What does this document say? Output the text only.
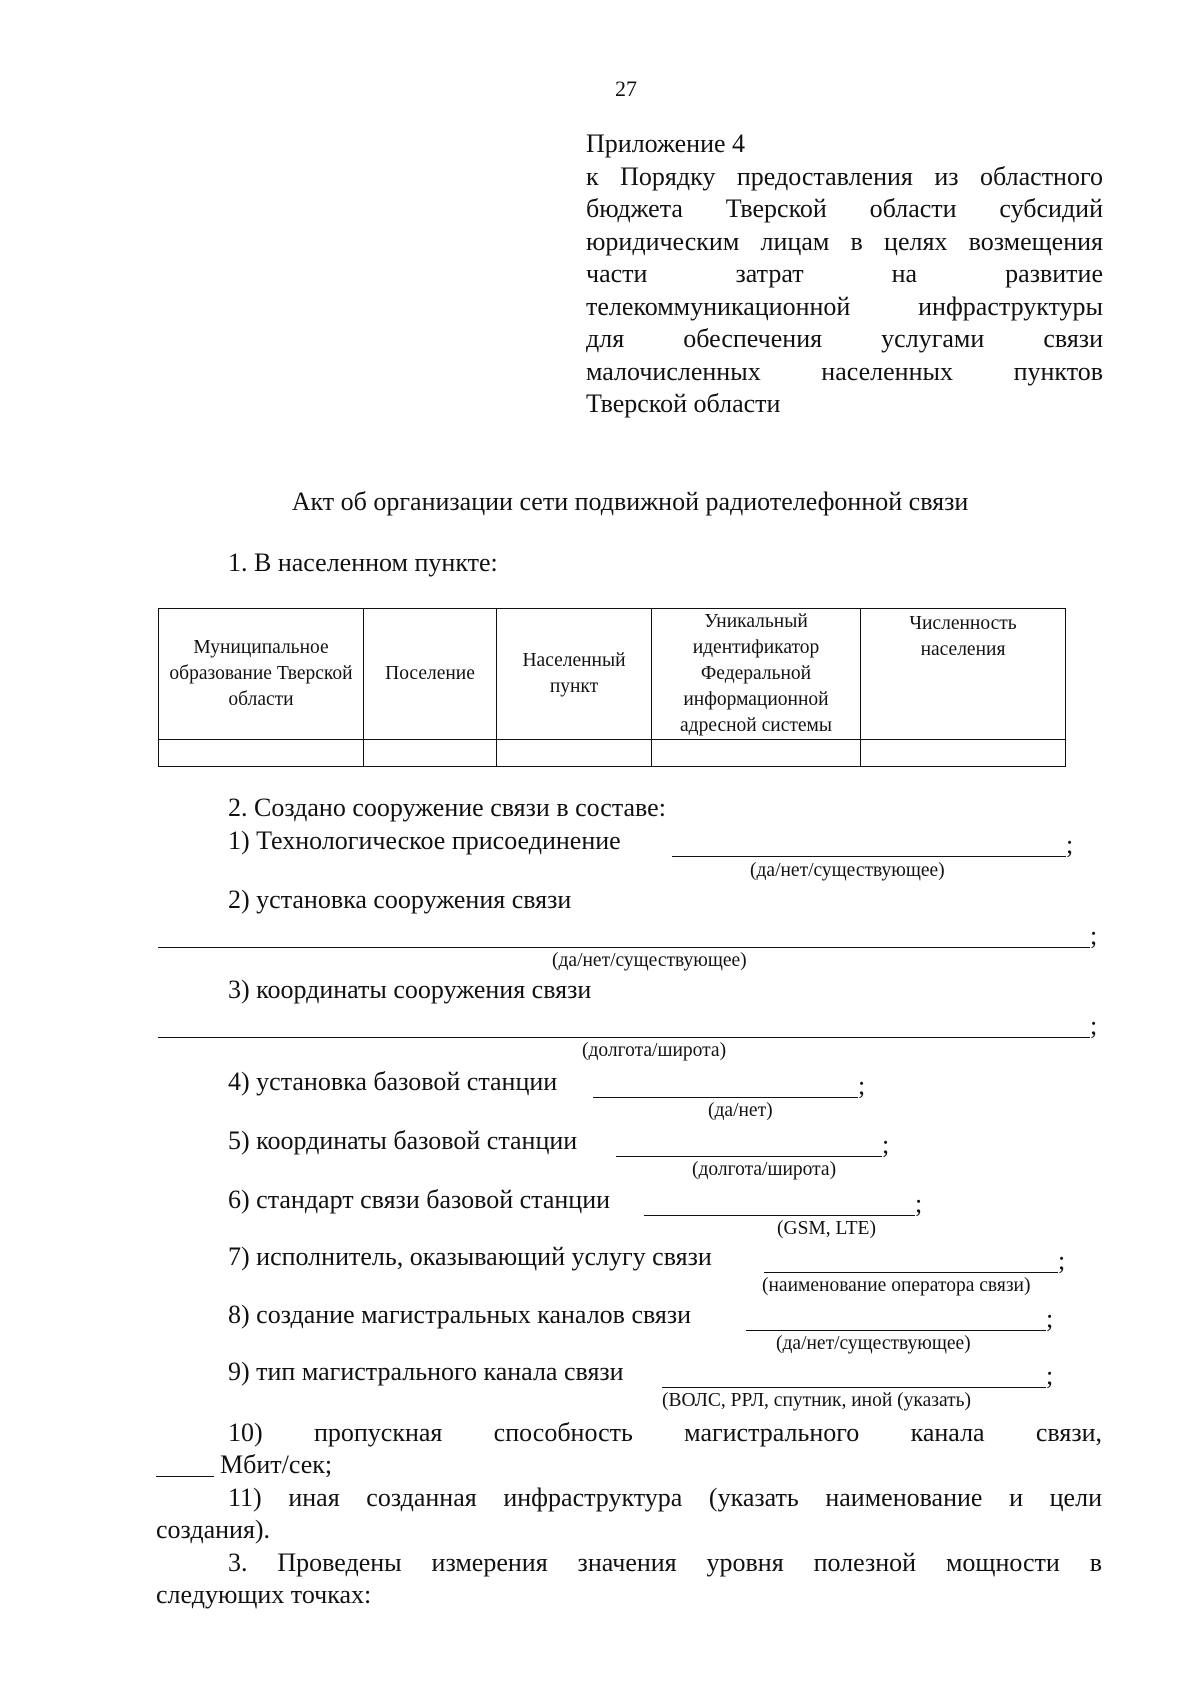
27
Приложение 4
к Порядку предоставления из областного
бюджета Тверской области субсидий
юридическим лицам в целях возмещения
части затрат на развитие
телекоммуникационной инфраструктуры
для обеспечения услугами связи
малочисленных населенных пунктов
Тверской области
Акт об организации сети подвижной радиотелефонной связи
1. В населенном пункте:
Муниципальное образование Тверской области	Поселение	Населенный пункт	Уникальный идентификатор Федеральной информационной адресной системы	Численность населения

2. Создано сооружение связи в составе:
1) Технологическое присоединение	;
(да/нет/существующее)
2) установка сооружения связи
;
(да/нет/существующее)
3) координаты сооружения связи
;
(долгота/широта)
4) установка базовой станции	;
(да/нет)
5) координаты базовой станции	;
(долгота/широта)
6) стандарт связи базовой станции	;
(GSM, LTE)
7) исполнитель, оказывающий услугу связи	;
(наименование оператора связи)
8) создание магистральных каналов связи	;
(да/нет/существующее)
9) тип магистрального канала связи	;
(ВОЛС, РРЛ, спутник, иной (указать)
10) пропускная способность магистрального канала связи,
Мбит/сек;
11) иная созданная инфраструктура (указать наименование и цели
создания).
3. Проведены измерения значения уровня полезной мощности в
следующих точках:
